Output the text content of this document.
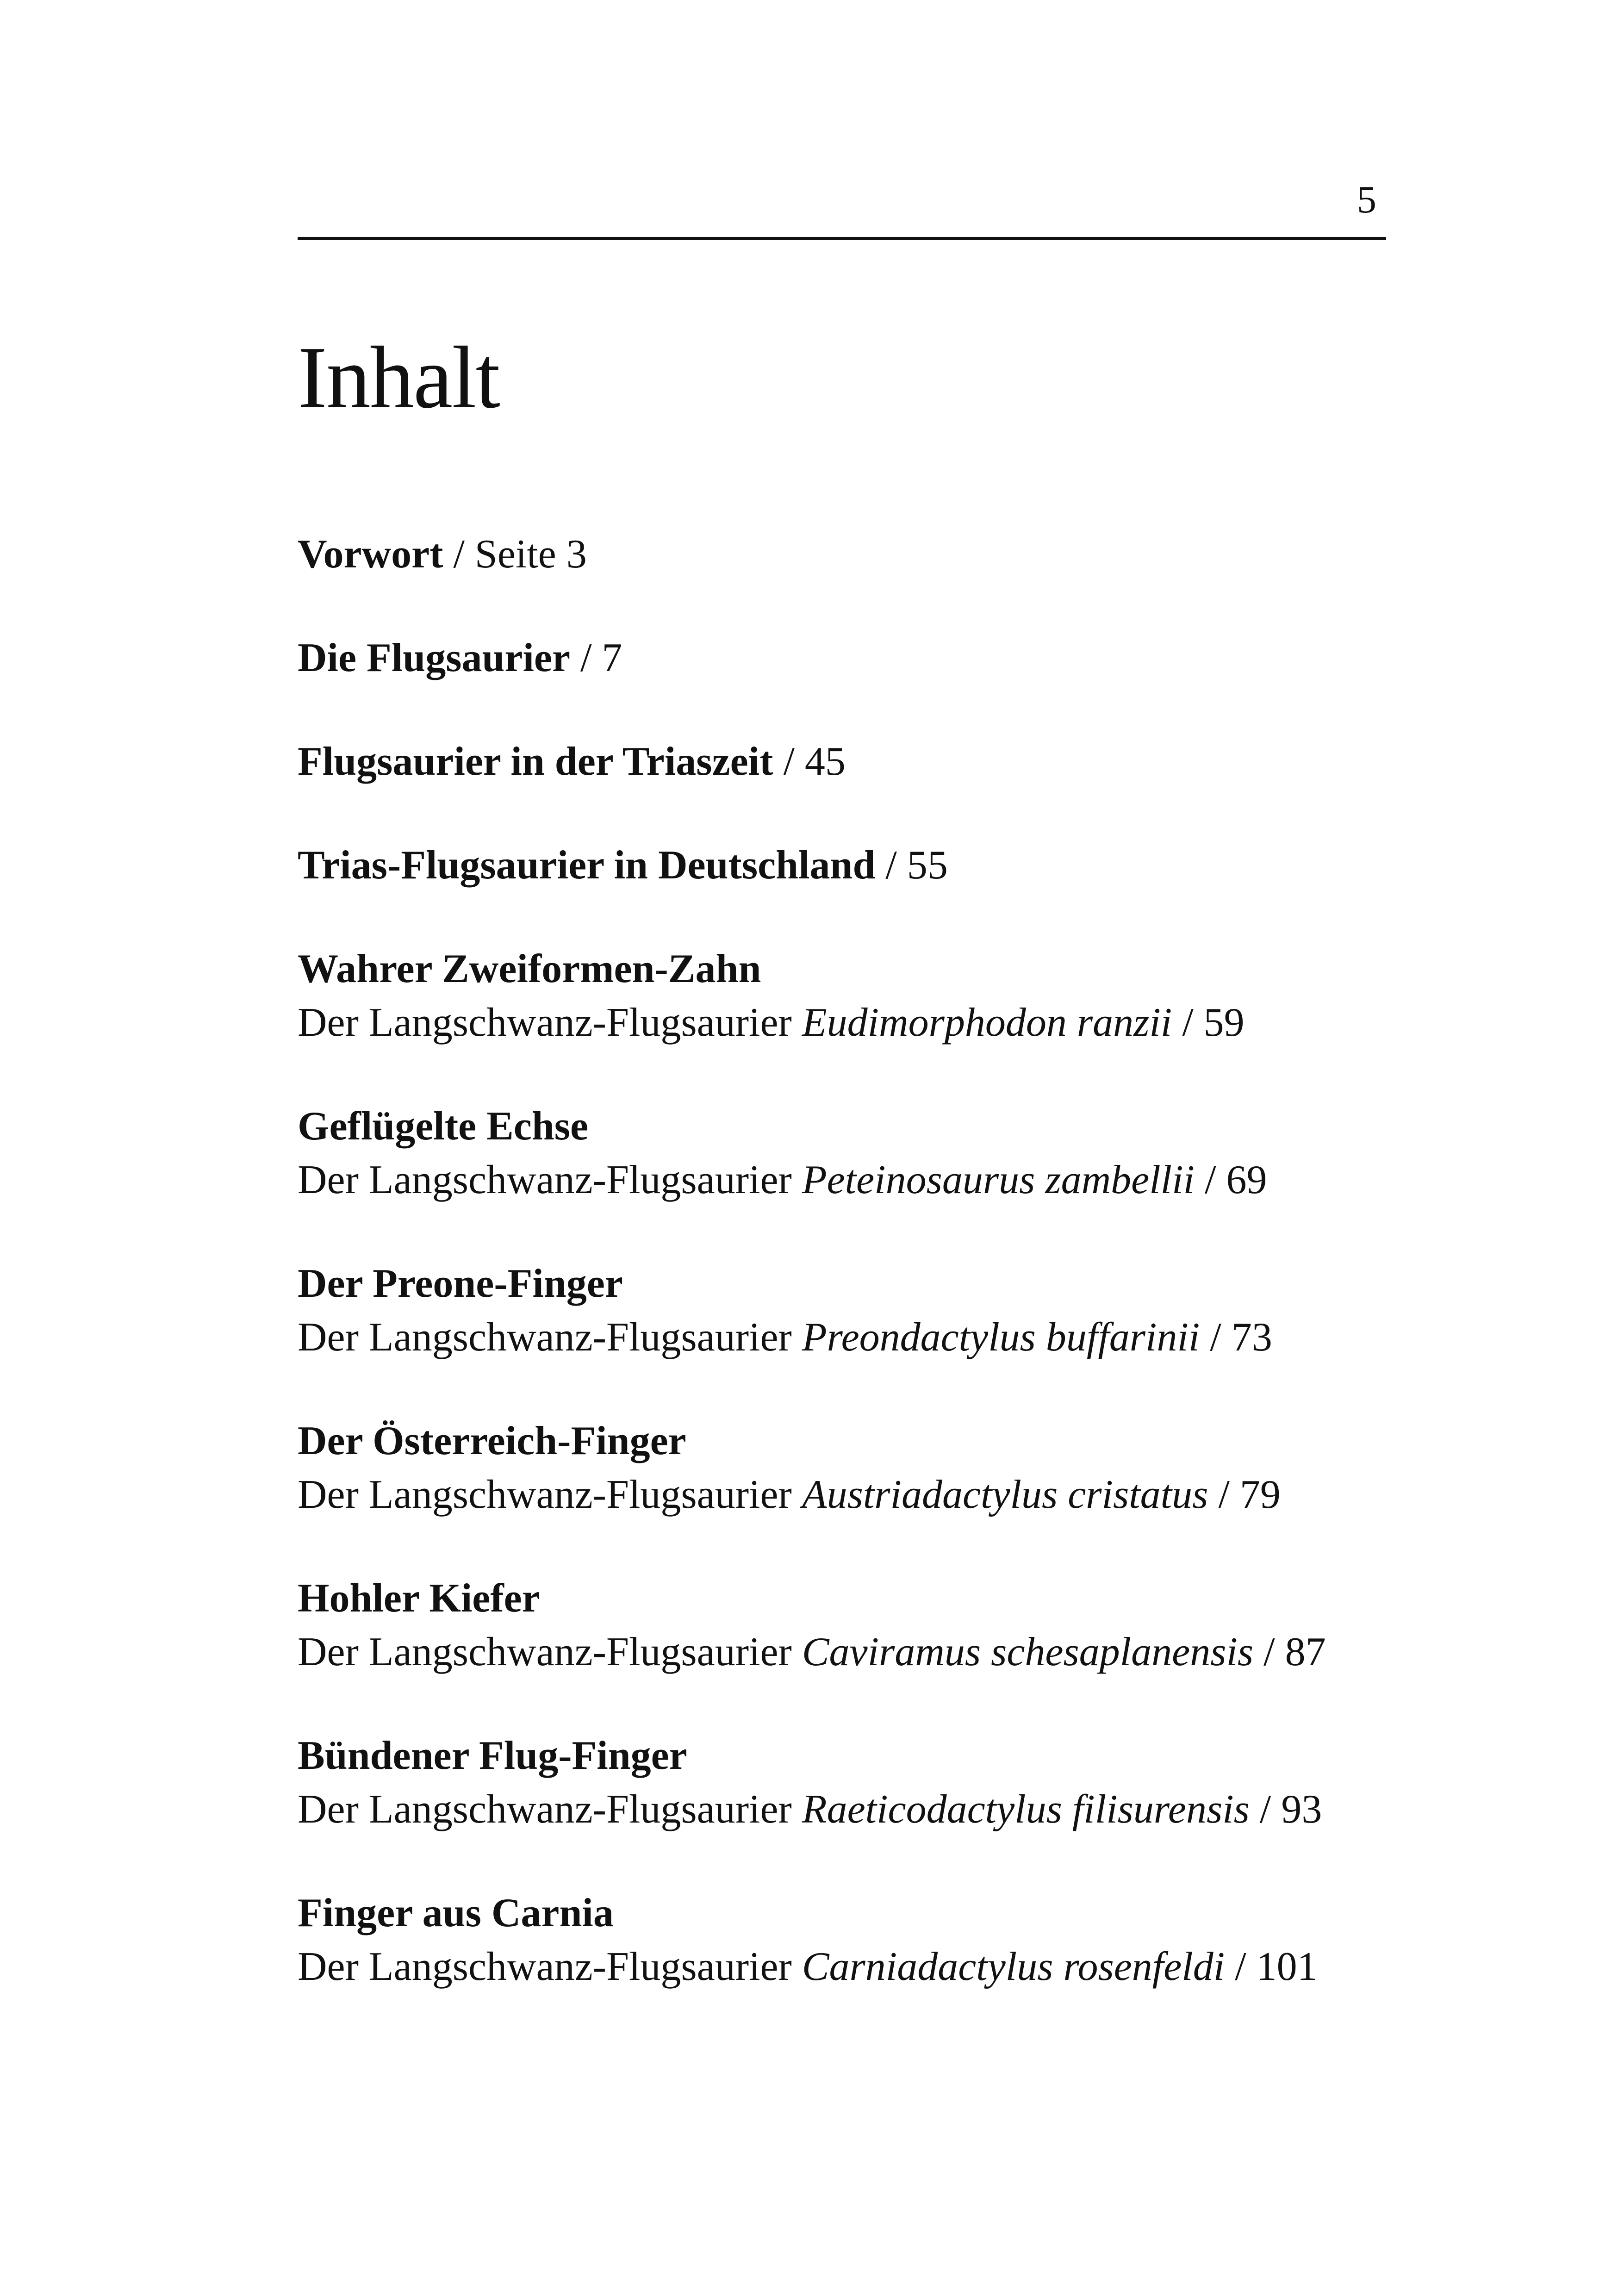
5
Inhalt
Vorwort / Seite 3
Die Flugsaurier / 7
Flugsaurier in der Triaszeit / 45
Trias-Flugsaurier in Deutschland / 55
Wahrer Zweiformen-Zahn
Der Langschwanz-Flugsaurier Eudimorphodon ranzii / 59
Geflügelte Echse
Der Langschwanz-Flugsaurier Peteinosaurus zambellii / 69
Der Preone-Finger
Der Langschwanz-Flugsaurier Preondactylus buffarinii / 73
Der Österreich-Finger
Der Langschwanz-Flugsaurier Austriadactylus cristatus / 79
Hohler Kiefer
Der Langschwanz-Flugsaurier Caviramus schesaplanensis / 87
Bündener Flug-Finger
Der Langschwanz-Flugsaurier Raeticodactylus filisurensis / 93
Finger aus Carnia
Der Langschwanz-Flugsaurier Carniadactylus rosenfeldi / 101
